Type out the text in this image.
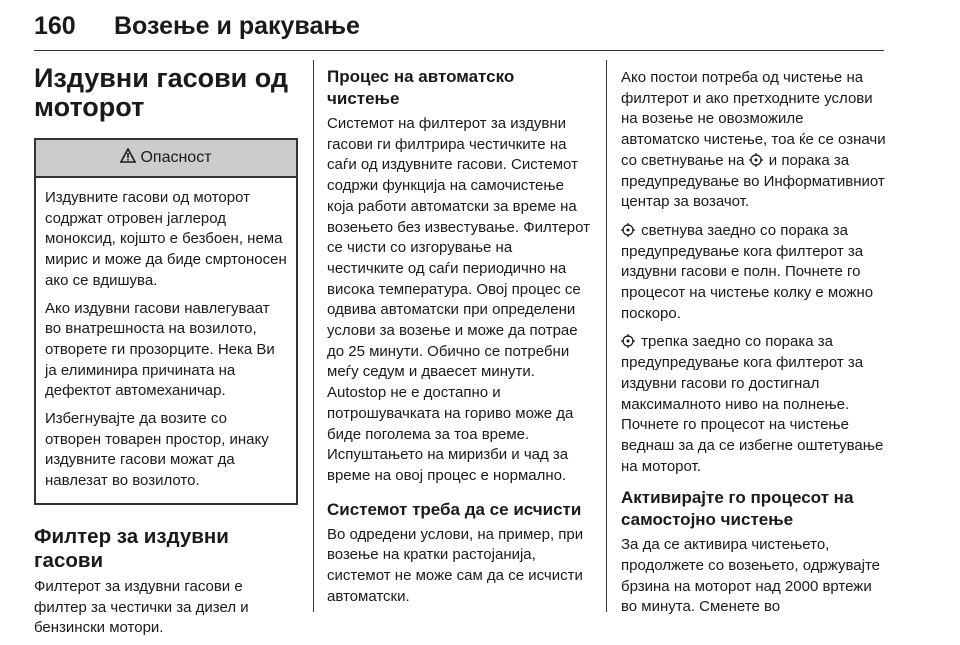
160 Возење и ракување
Издувни гасови од моторот
Опасност

Издувните гасови од моторот содржат отровен јаглерод моноксид, којшто е безбоен, нема мирис и може да биде смртоносен ако се вдишува.

Ако издувни гасови навлегуваат во внатрешноста на возилото, отворете ги прозорците. Нека Ви ја елиминира причината на дефектот автомеханичар.

Избегнувајте да возите со отворен товарен простор, инаку издувните гасови можат да навлезат во возилото.

Филтер за издувни гасови

Филтерот за издувни гасови е филтер за честички за дизел и бензински мотори.

Процес на автоматско чистење

Системот на филтерот за издувни гасови ги филтрира честичките на саѓи од издувните гасови. Системот содржи функција на самочистење која работи автоматски за време на возењето без известување. Филтерот се чисти со изгорување на честичките од саѓи периодично на висока температура. Овој процес се одвива автоматски при определени услови за возење и може да потрае до 25 минути. Обично се потребни меѓу седум и дваесет минути. Autostop не е достапно и потрошувачката на гориво може да биде поголема за тоа време. Испуштањето на миризби и чад за време на овој процес е нормално.

Системот треба да се исчисти

Во одредени услови, на пример, при возење на кратки растојанија, системот не може сам да се исчисти автоматски.

Ако постои потреба од чистење на филтерот и ако претходните услови на возење не овозможиле автоматско чистење, тоа ќе се означи со светнување на и порака за предупредување во Информативниот центар за возачот.

светнува заедно со порака за предупредување кога филтерот за издувни гасови е полн. Почнете го процесот на чистење колку е можно поскоро.

трепка заедно со порака за предупредување кога филтерот за издувни гасови го достигнал максималното ниво на полнење. Почнете го процесот на чистење веднаш за да се избегне оштетување на моторот.

Активирајте го процесот на самостојно чистење

За да се активира чистењето, продолжете со возењето, одржувајте брзина на моторот над 2000 вртежи во минута. Сменете во
